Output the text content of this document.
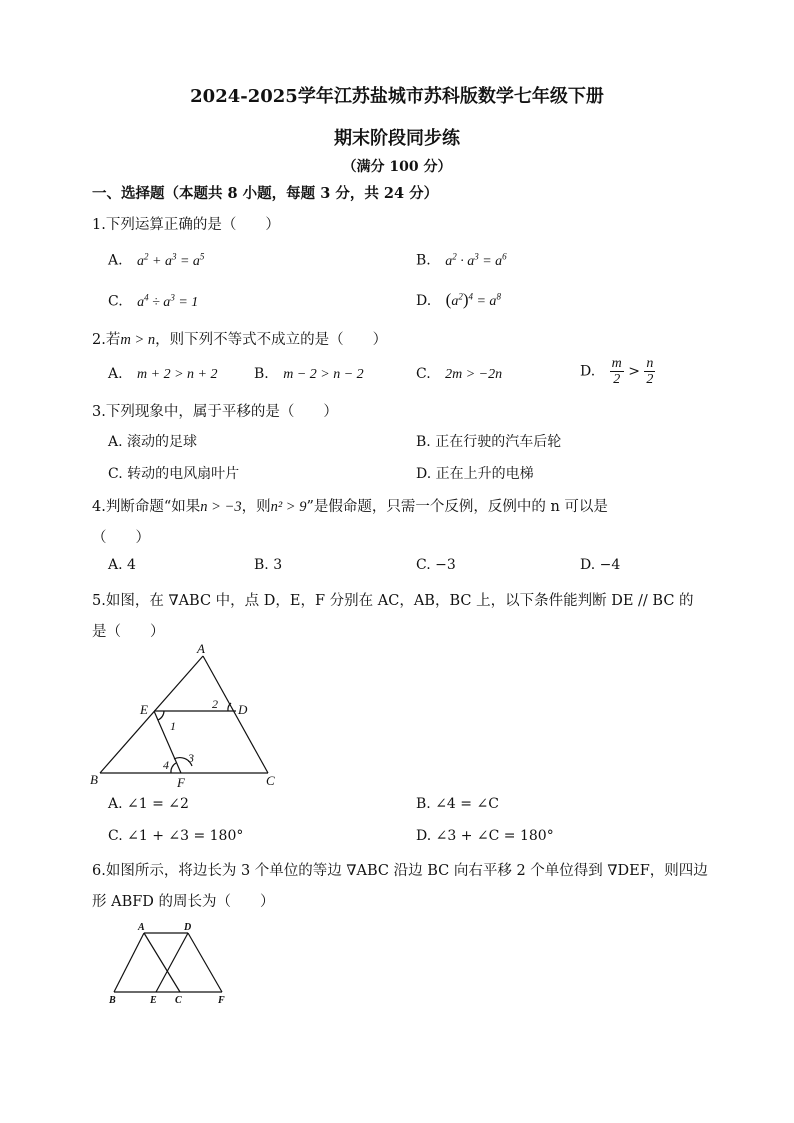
2024-2025学年江苏盐城市苏科版数学七年级下册
期末阶段同步练
（满分 100 分）
一、选择题（本题共 8 小题，每题 3 分，共 24 分）
1.下列运算正确的是（　　）
A. $a^2 + a^3 = a^5$	B. $a^2 \cdot a^3 = a^6$
C. $a^4 \div a^3 = 1$	D. $(a^2)^4 = a^8$
2.若m > n，则下列不等式不成立的是（　　）
A. m + 2 > n + 2	B. m − 2 > n − 2	C. 2m > −2n	D. $\frac{m}{2} > \frac{n}{2}$
3.下列现象中，属于平移的是（　　）
A. 滚动的足球	B. 正在行驶的汽车后轮
C. 转动的电风扇叶片	D. 正在上升的电梯
4.判断命题“如果n > −3，则n² > 9”是假命题，只需一个反例，反例中的 n 可以是
（　　）
A. 4	B. 3	C. −3	D. −4
5.如图，在 ∇ABC 中，点 D，E，F 分别在 AC，AB，BC 上，以下条件能判断 DE // BC 的
是（　　）
A
B	C
D
E
F
1
2
3
4
A. ∠1 = ∠2	B. ∠4 = ∠C
C. ∠1 + ∠3 = 180°	D. ∠3 + ∠C = 180°
6.如图所示，将边长为 3 个单位的等边 ∇ABC 沿边 BC 向右平移 2 个单位得到 ∇DEF，则四边
形 ABFD 的周长为（　　）
A	D
B	E C	F
